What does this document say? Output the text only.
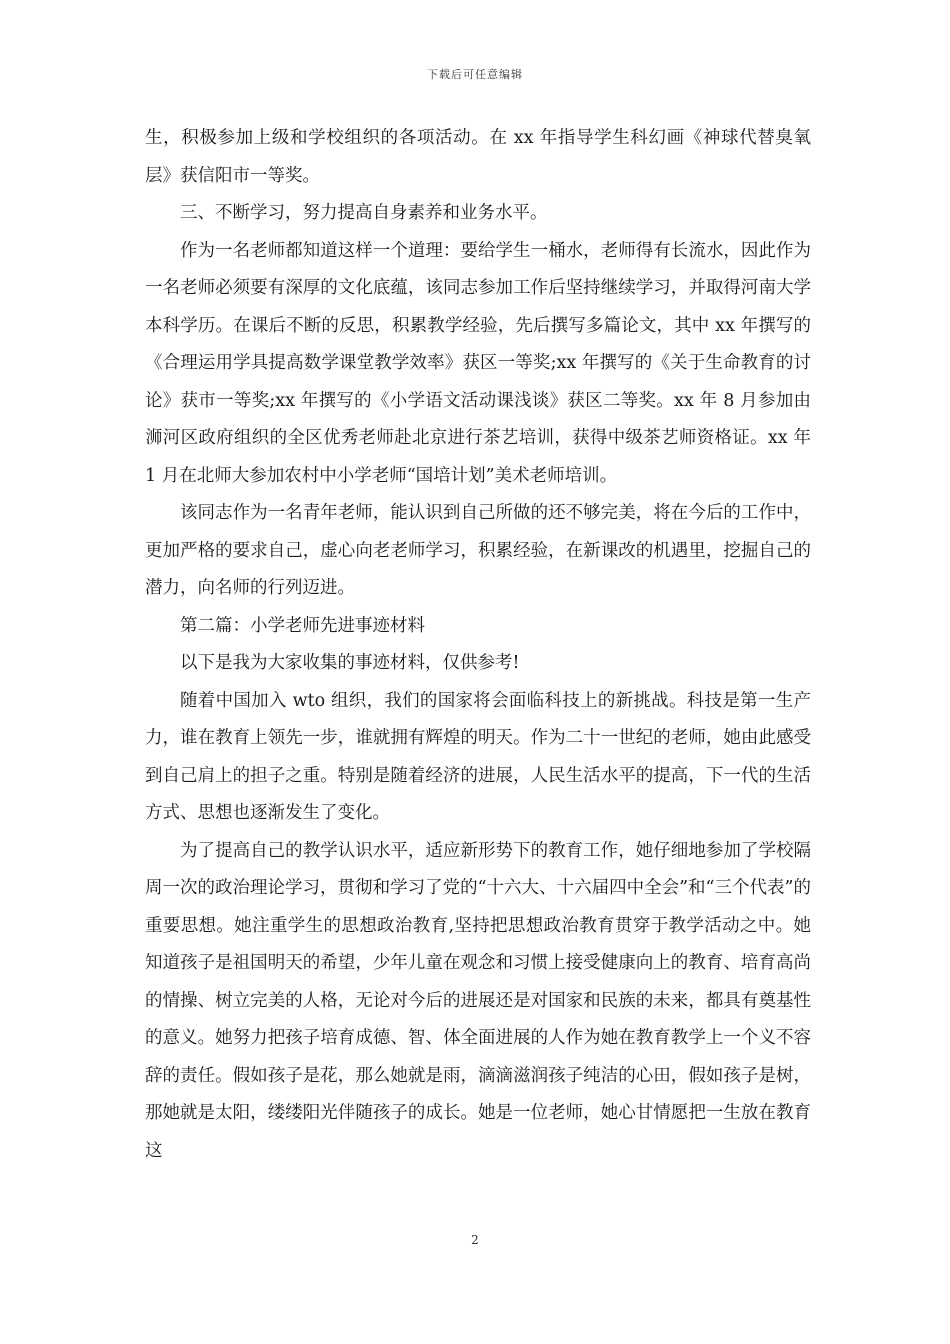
下载后可任意编辑

生，积极参加上级和学校组织的各项活动。在 xx 年指导学生科幻画《神球代替臭氧层》获信阳市一等奖。

三、不断学习，努力提高自身素养和业务水平。

作为一名老师都知道这样一个道理：要给学生一桶水，老师得有长流水，因此作为一名老师必须要有深厚的文化底蕴，该同志参加工作后坚持继续学习，并取得河南大学本科学历。在课后不断的反思，积累教学经验，先后撰写多篇论文，其中 xx 年撰写的《合理运用学具提高数学课堂教学效率》获区一等奖;xx 年撰写的《关于生命教育的讨论》获市一等奖;xx 年撰写的《小学语文活动课浅谈》获区二等奖。xx 年 8 月参加由浉河区政府组织的全区优秀老师赴北京进行茶艺培训，获得中级茶艺师资格证。xx 年 1 月在北师大参加农村中小学老师“国培计划”美术老师培训。

该同志作为一名青年老师，能认识到自己所做的还不够完美，将在今后的工作中，更加严格的要求自己，虚心向老老师学习，积累经验，在新课改的机遇里，挖掘自己的潜力，向名师的行列迈进。

第二篇：小学老师先进事迹材料

以下是我为大家收集的事迹材料，仅供参考!

随着中国加入 wto 组织，我们的国家将会面临科技上的新挑战。科技是第一生产力，谁在教育上领先一步，谁就拥有辉煌的明天。作为二十一世纪的老师，她由此感受到自己肩上的担子之重。特别是随着经济的进展，人民生活水平的提高，下一代的生活方式、思想也逐渐发生了变化。

为了提高自己的教学认识水平，适应新形势下的教育工作，她仔细地参加了学校隔周一次的政治理论学习，贯彻和学习了党的“十六大、十六届四中全会”和“三个代表”的重要思想。她注重学生的思想政治教育,坚持把思想政治教育贯穿于教学活动之中。她知道孩子是祖国明天的希望，少年儿童在观念和习惯上接受健康向上的教育、培育高尚的情操、树立完美的人格，无论对今后的进展还是对国家和民族的未来，都具有奠基性的意义。她努力把孩子培育成德、智、体全面进展的人作为她在教育教学上一个义不容辞的责任。假如孩子是花，那么她就是雨，滴滴滋润孩子纯洁的心田，假如孩子是树，那她就是太阳，缕缕阳光伴随孩子的成长。她是一位老师，她心甘情愿把一生放在教育这

2
